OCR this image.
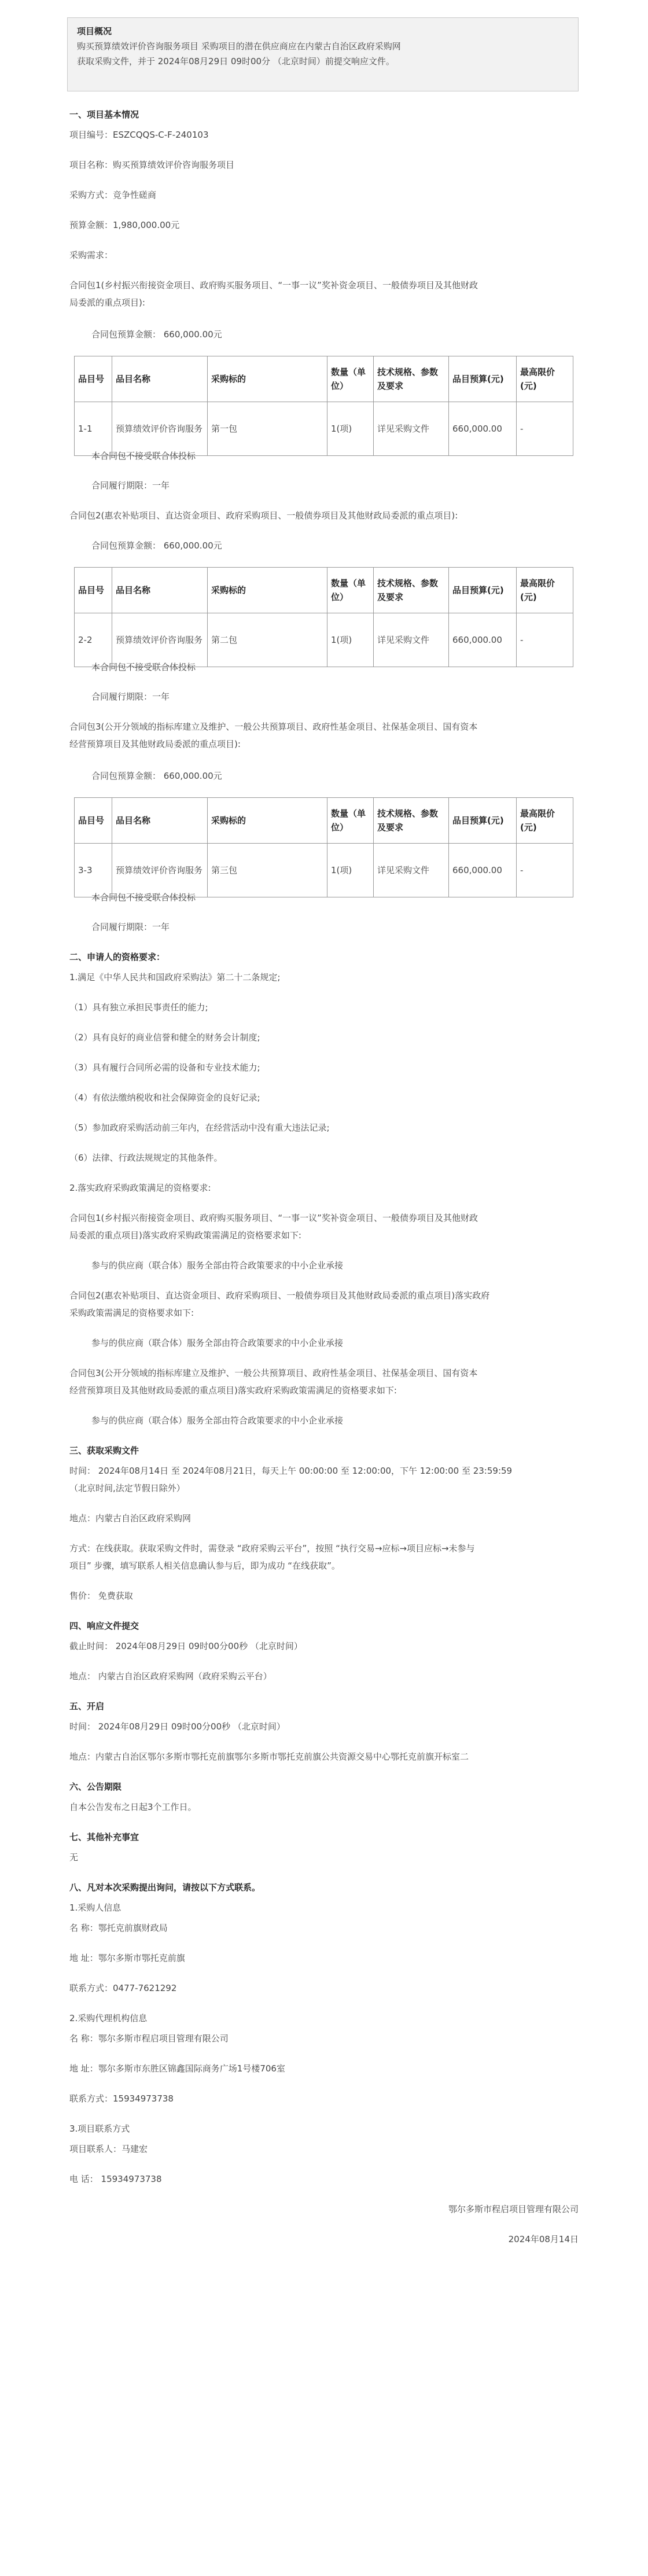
项目概况
购买预算绩效评价咨询服务项目 采购项目的潜在供应商应在内蒙古自治区政府采购网
获取采购文件，并于 2024年08月29日 09时00分 （北京时间）前提交响应文件。
一、项目基本情况
项目编号：ESZCQQS-C-F-240103
项目名称：购买预算绩效评价咨询服务项目
采购方式：竞争性磋商
预算金额：1,980,000.00元
采购需求：
合同包1(乡村振兴衔接资金项目、政府购买服务项目、“一事一议”奖补资金项目、一般债券项目及其他财政
局委派的重点项目):
合同包预算金额： 660,000.00元
品目号	品目名称	采购标的	数量（单位）	技术规格、参数及要求	品目预算(元)	最高限价(元)
1-1	预算绩效评价咨询服务	第一包	1(项)	详见采购文件	660,000.00	-
本合同包不接受联合体投标
合同履行期限：一年
合同包2(惠农补贴项目、直达资金项目、政府采购项目、一般债券项目及其他财政局委派的重点项目):
合同包预算金额： 660,000.00元
品目号	品目名称	采购标的	数量（单位）	技术规格、参数及要求	品目预算(元)	最高限价(元)
2-2	预算绩效评价咨询服务	第二包	1(项)	详见采购文件	660,000.00	-
本合同包不接受联合体投标
合同履行期限：一年
合同包3(公开分领域的指标库建立及维护、一般公共预算项目、政府性基金项目、社保基金项目、国有资本
经营预算项目及其他财政局委派的重点项目):
合同包预算金额： 660,000.00元
品目号	品目名称	采购标的	数量（单位）	技术规格、参数及要求	品目预算(元)	最高限价(元)
3-3	预算绩效评价咨询服务	第三包	1(项)	详见采购文件	660,000.00	-
本合同包不接受联合体投标
合同履行期限：一年
二、申请人的资格要求：
1.满足《中华人民共和国政府采购法》第二十二条规定;
（1）具有独立承担民事责任的能力;
（2）具有良好的商业信誉和健全的财务会计制度;
（3）具有履行合同所必需的设备和专业技术能力;
（4）有依法缴纳税收和社会保障资金的良好记录;
（5）参加政府采购活动前三年内，在经营活动中没有重大违法记录;
（6）法律、行政法规规定的其他条件。
2.落实政府采购政策满足的资格要求:
合同包1(乡村振兴衔接资金项目、政府购买服务项目、“一事一议”奖补资金项目、一般债券项目及其他财政
局委派的重点项目)落实政府采购政策需满足的资格要求如下:
参与的供应商（联合体）服务全部由符合政策要求的中小企业承接
合同包2(惠农补贴项目、直达资金项目、政府采购项目、一般债券项目及其他财政局委派的重点项目)落实政府
采购政策需满足的资格要求如下:
参与的供应商（联合体）服务全部由符合政策要求的中小企业承接
合同包3(公开分领域的指标库建立及维护、一般公共预算项目、政府性基金项目、社保基金项目、国有资本
经营预算项目及其他财政局委派的重点项目)落实政府采购政策需满足的资格要求如下:
参与的供应商（联合体）服务全部由符合政策要求的中小企业承接
三、获取采购文件
时间： 2024年08月14日 至 2024年08月21日，每天上午 00:00:00 至 12:00:00，下午 12:00:00 至 23:59:59
（北京时间,法定节假日除外）
地点：内蒙古自治区政府采购网
方式：在线获取。获取采购文件时，需登录 “政府采购云平台”，按照 “执行交易→应标→项目应标→未参与
项目” 步骤，填写联系人相关信息确认参与后，即为成功 “在线获取”。
售价： 免费获取
四、响应文件提交
截止时间： 2024年08月29日 09时00分00秒 （北京时间）
地点： 内蒙古自治区政府采购网（政府采购云平台）
五、开启
时间： 2024年08月29日 09时00分00秒 （北京时间）
地点：内蒙古自治区鄂尔多斯市鄂托克前旗鄂尔多斯市鄂托克前旗公共资源交易中心鄂托克前旗开标室二
六、公告期限
自本公告发布之日起3个工作日。
七、其他补充事宜
无
八、凡对本次采购提出询问，请按以下方式联系。
1.采购人信息
名 称：鄂托克前旗财政局
地 址：鄂尔多斯市鄂托克前旗
联系方式：0477-7621292
2.采购代理机构信息
名 称：鄂尔多斯市程启项目管理有限公司
地 址：鄂尔多斯市东胜区锦鑫国际商务广场1号楼706室
联系方式：15934973738
3.项目联系方式
项目联系人：马建宏
电 话： 15934973738
鄂尔多斯市程启项目管理有限公司
2024年08月14日
